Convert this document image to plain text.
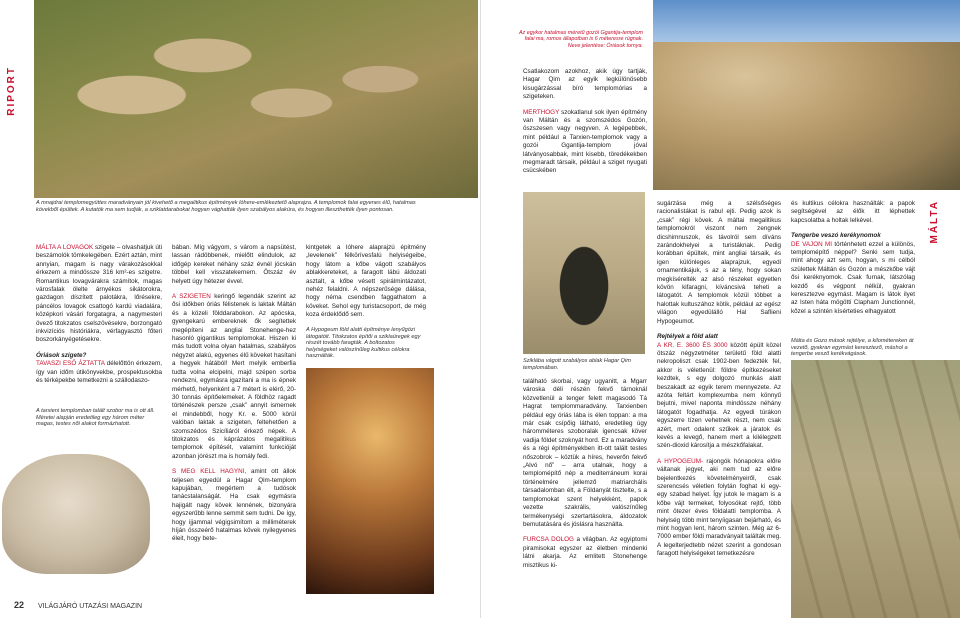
RIPORT
A mnajdrai templomegyüttes maradványain jól kivehető a megalitikus építmények lóhere-emlékeztető alaprajza. A templomok falai egyenes élű, hatalmas kövekből épültek. A kutatók ma sem tudják, a sziklatdarabokat hogyan vághatták ilyen szabályos alakúra, és hogyan illeszthették ilyen pontosan.

MÁLTA A LOVAGOK szigete – olvashatjuk úti beszámolók tömkelegében. Ezért aztán, mint annyian, magam is nagy várakozásokkal érkezem a mindössze 316 km²-es szigetre. Romantikus lovagvárakra számítok, magas városfalak ölelte árnyékos sikátorokra, gazdagon díszített palotákra, lőrésekre, páncélos lovagok csattogó kardú viadalára, középkori vásári forgatagra, a nagymesteri övező titokzatos cselszövésekre, borzongató inkvizíciós históriákra, vérfagyasztó főteri boszorkányégetésekre.

Óriások szigete?
TAVASZI ESŐ ÁZTATTA délelőttön érkezem, így van időm útikönyvekbe, prospektusokba és térképekbe temetkezni a szállodaszo-

A tarxieni templomban talált szobor ma is ott áll. Méretei alapján eredetileg egy három méter magas, testes női alakot formázhatott.

bában. Míg vágyom, s várom a napsütést, lassan rádöbbenek, mielőtt elindulok, az időgép kereket néhány száz évnél jócskán többel kell visszatekernem. Ötszáz év helyett úgy hétezer évvel.

A SZIGETEN keringő legendák szerint az ősi időkben óriás félistenek is laktak Máltán és a közeli földdarabokon. Az apócska, gyengekarú embereknek ők segítettek megépíteni az angliai Stonehenge-hez hasonló gigantikus templomokat. Hiszen ki más tudott volna olyan hatalmas, szabályos négyzet alakú, egyenes élű köveket hasítani a hegyek hátából! Mert melyik emberfia tudta volna elcipelni, majd szépen sorba rendezni, egymásra igazítani a ma is épnek mérhető, helyenként a 7 métert is elérő, 20-30 tonnás építőelemeket. A földhöz ragadt történészek persze „csak” annyit ismernek el mindebből, hogy Kr. e. 5000 körül valóban laktak a szigeten, feltehetően a szomszédos Szicíliáról érkező népek. A titokzatos és káprázatos megalitikus templomok építését, valamint funkcióját azonban jórészt ma is homály fedi.

S MEG KELL HAGYNI, amint ott állok teljesen egyedül a Hagar Qim-templom kapujában, megértem a tudósok tanácstalanságát. Ha csak egymásra hajigált nagy kövek lennének, bizonyára egyszerűbb lenne semmit sem tudni. De így, hogy ijjammal végigsimítom a milliméterek híján összeérő hatalmas kövek nyilegyenes éleit, hogy bete-

kintgetek a lóhere alaprajzú épitmény „levelenek” félkörívesfalú helyiségeibe, hogy látom a kőbe vágott szabályos ablakkereteket, a faragott lábú áldozati asztalt, a kőbe vésett spirálmintázatot, nehéz felaldni. A népszerűsége dálása, hogy néma csendben faggathatom a köveket. Sehol egy turistacsoport, de még koza érdeklődő sem.

A Hypogeum föld alatti építménye lenyűgözi látogatóit. Titokzatos építői a sziklaüregek egy részét tovább faragták. A boltozatos helyiségeket valószínűleg kultikus célokra használták.
22 VILÁGJÁRÓ UTAZÁSI MAGAZIN
Az egykor hatalmas méretű gozói Ggantija-templom falai ma, romos állapotban is 6 méteresre rúgnak. Neve jelentése: Óriások tornya.

Csatlakozom azokhoz, akik úgy tartják, Hagar Qim az egyik legkülönösebb kisugárzással bíró templomórias a szigeteken.

MERTHOGY szokatlanul sok ilyen építmény van Máltán és a szomszédos Gozón, öszszesen vagy negyven. A legépebbek, mint például a Tarxien-templomok vagy a gozói Ggantija-templom jóval látványosabbak, mint kisebb, töredékekben megmaradt társaik, például a sziget nyugati csücskében

MÁLTA
Sziklába vágott szabályos ablak Hagar Qim templomában.

található skorbai, vagy ugyanitt, a Mgarr városka déli részén fekvő tárnoknál közvetlenül a tenger felett magasodó Tá Hagrat templommaradvány. Tarxienben például egy óriás lába is élen toppan: a ma már csak csípőig látható, eredetileg úgy háromméteres szoboralak igencsak köver vadija földet szoknyát hord. Ez a maradvány és a régi építményekben itt-ott talált testes nőszobrok – köztük a híres, heverőn fekvő „Alvó nő” – arra utalnak, hogy a templomépítő nép a mediterráneum korai történelmére jellemző matriarchális társadalomban élt, a Földanyát tisztelte, s a templomokat szent helyekként, papok vezette szakrális, valószínűleg termékenységi szertartásokra, áldozatok bemutatására és jóslásra használta.

FURCSA DOLOG a világban. Az egyiptomi piramisokat egyszer az életben mindenki látni akarja. Az emlitett Stonehenge misztikus ki-

sugárzása még a szélsőséges racionalistákat is rabul ejti. Pedig azok is „csak” régi kövek. A máltai megalitikus templomokról viszont nem zengnek dicshimnuszok, és távolról sem díváns zarándokhelyei a turistáknak. Pedig korábban épültek, mint angliai társaik, és igen különleges alaprajzuk, egyedi ornamentikájuk, s az a tény, hogy sokan megkísérelték az alsó részeket egyetlen kövön kifaragni, kíváncsivá teheti a látogatót. A templomok közül többet a halottak kultuszához kötik, például az egész világon egyedülálló Hal Saflieni Hypogeumot.

Rejtélyek a föld alatt
A KR. E. 3600 ÉS 3000 között épült közel ötszáz négyzetméter területű föld alatti nekropoliszt csak 1902-ben fedezték fel, akkor is véletlenül: földre építkezéseket kezdtek, s egy dolgozó munkás alatt beszakadt az egyik terem mennyezete. Az azóta feltárt komplexumba nem könnyű bejutni, mivel naponta mindössze néhány látogatót fogadhatja. Az egyedi túrákon egyszerre tízen vehetnek részt, nem csak azért, mert odalent szűkek a járatok és kevés a levegő, hanem mert a kilélegzett szén-dioxid károsítja a mészkőfalakat.

A HYPOGEUM- rajongók hónapokra előre váltanak jegyet, aki nem tud az előre bejelentkezés követelményeiről, csak szerencsés véletlen folytán foghat ki egy-egy szabad helyet. Így jutok le magam is a kőbe vájt termeket, folyosókat rejtő, több mint ötezer éves földalatti templomba. A helyiség több mint tenyíigasan bejárható, és mint hogyan lent, három szinten. Még az 6-7000 ember földi maradványait találták meg. A legelterjedtebb nézet szerint a gondosan faragott helyiségeket temetkezésre

és kultikus célokra használták: a papok segítségével az élők itt léphettek kapcsolatba a holtak lelkével.

Tengerbe veszó kerékynomok
DE VAJON MI történhetett ezzel a különös, templomépítő néppel? Senki sem tudja, mint ahogy azt sem, hogyan, s mi célból születtek Máltán és Gozón a mészkőbe vájt ősi keréknyomok. Csak furnak, látszólag kezdő és végpont nélkül, gyakran keresztezve egymást. Magam is látok ilyet az Isten háta mögötti Clapham Junctionnél, kőzel a szintén kísérteties elhagyatott

Málta és Gozo mások rejtélye, a kilométereken át vezető, gyakran egymást keresztező, máshol a tengerbe vesző kerékvágások.
